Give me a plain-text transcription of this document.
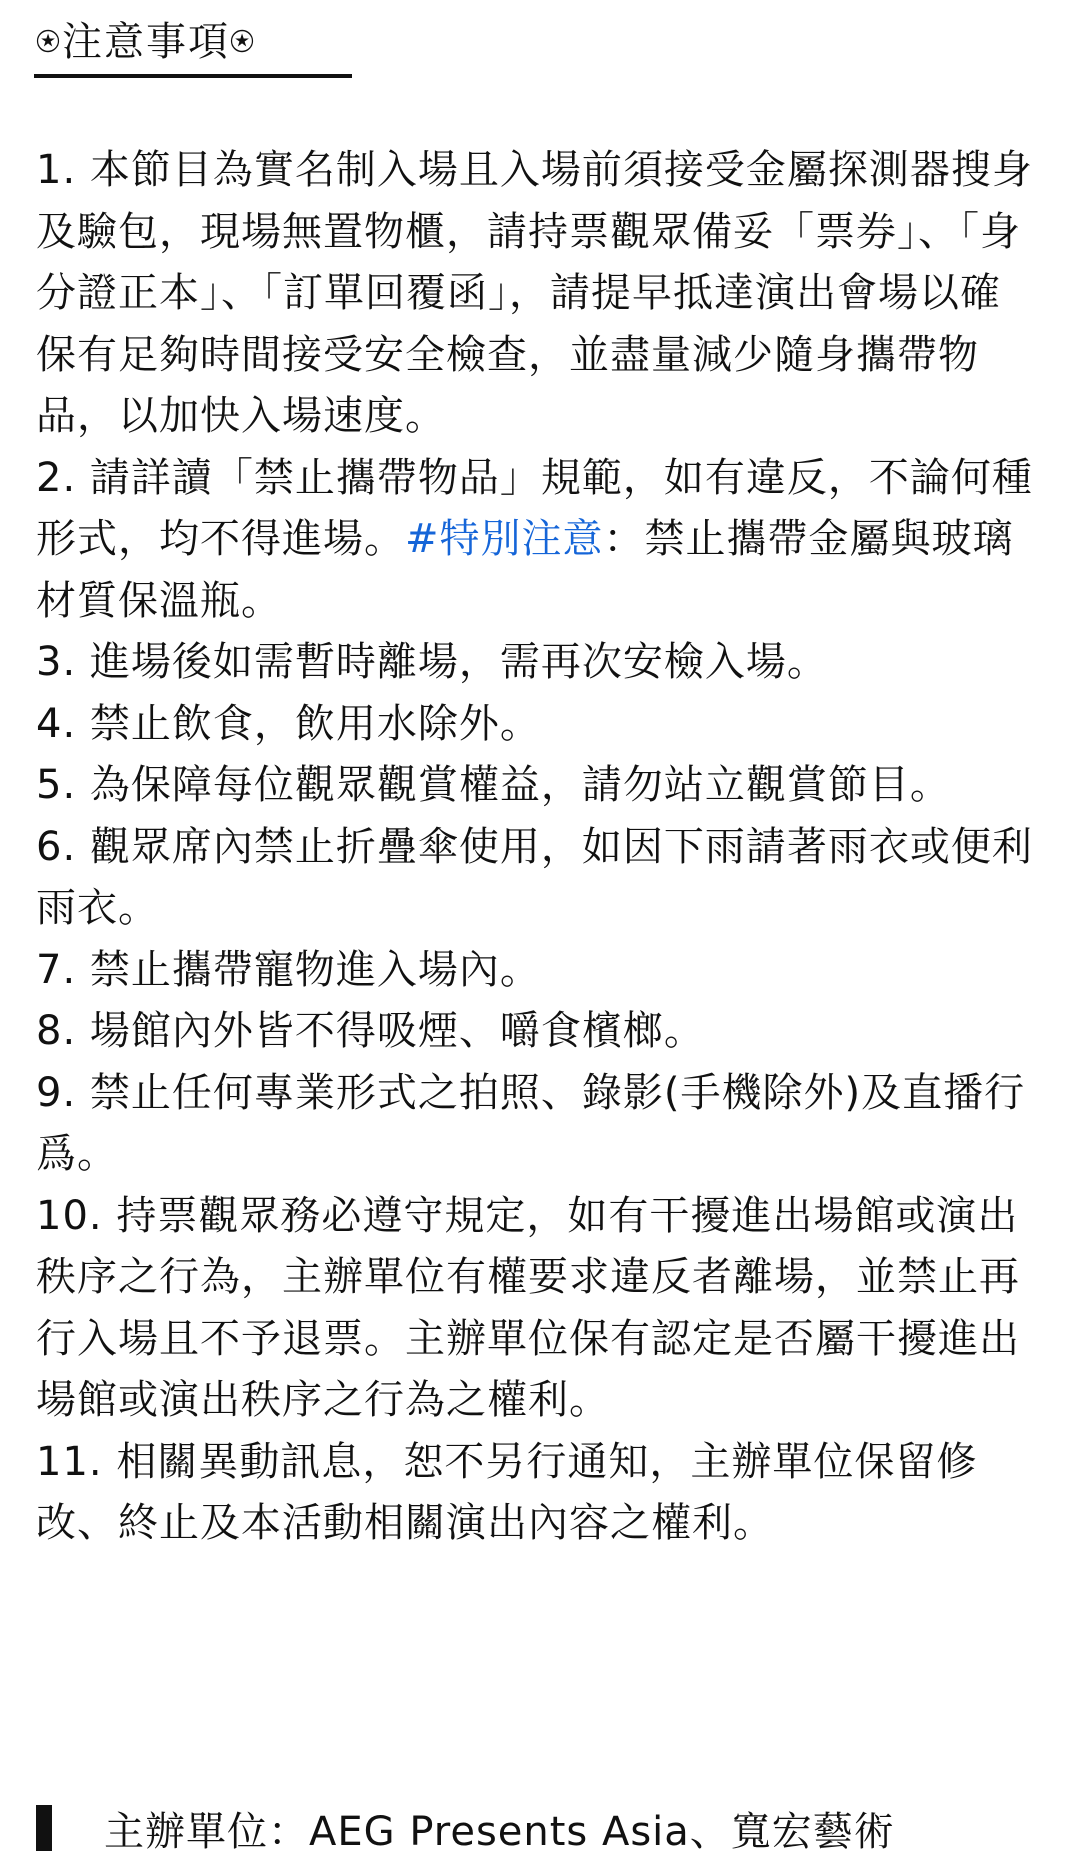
⍟注意事項⍟

1. 本節目為實名制入場且入場前須接受金屬探測器搜身及驗包，現場無置物櫃，請持票觀眾備妥「票券」、「身分證正本」、「訂單回覆函」，請提早抵達演出會場以確保有足夠時間接受安全檢查，並盡量減少隨身攜帶物品，以加快入場速度。

2. 請詳讀「禁止攜帶物品」規範，如有違反，不論何種形式，均不得進場。#特別注意：禁止攜帶金屬與玻璃材質保溫瓶。

3. 進場後如需暫時離場，需再次安檢入場。

4. 禁止飲食，飲用水除外。

5. 為保障每位觀眾觀賞權益，請勿站立觀賞節目。

6. 觀眾席內禁止折疊傘使用，如因下雨請著雨衣或便利雨衣。

7. 禁止攜帶寵物進入場內。

8. 場館內外皆不得吸煙、嚼食檳榔。

9. 禁止任何專業形式之拍照、錄影(手機除外)及直播行爲。

10. 持票觀眾務必遵守規定，如有干擾進出場館或演出秩序之行為，主辦單位有權要求違反者離場，並禁止再行入場且不予退票。主辦單位保有認定是否屬干擾進出場館或演出秩序之行為之權利。

11. 相關異動訊息，恕不另行通知，主辦單位保留修改、終止及本活動相關演出內容之權利。

主辦單位：AEG Presents Asia、寬宏藝術
